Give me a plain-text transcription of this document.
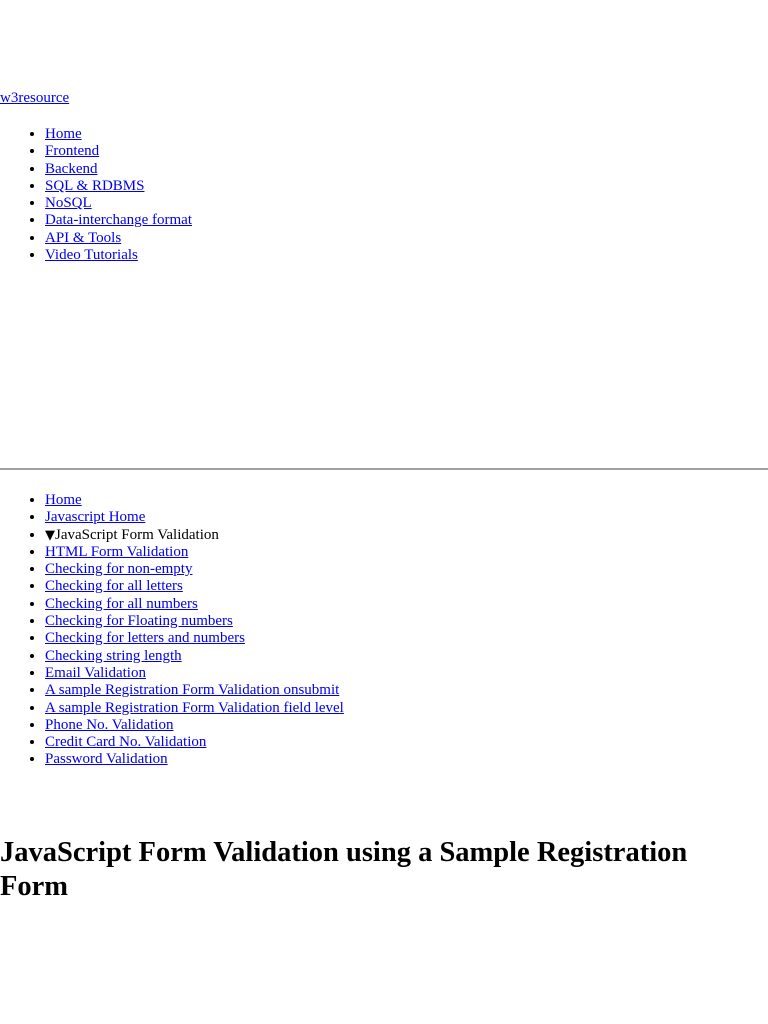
w3resource
• Home
• Frontend
• Backend
• SQL & RDBMS
• NoSQL
• Data-interchange format
• API & Tools
• Video Tutorials
• Home
• Javascript Home
• ▼JavaScript Form Validation
• HTML Form Validation
• Checking for non-empty
• Checking for all letters
• Checking for all numbers
• Checking for Floating numbers
• Checking for letters and numbers
• Checking string length
• Email Validation
• A sample Registration Form Validation onsubmit
• A sample Registration Form Validation field level
• Phone No. Validation
• Credit Card No. Validation
• Password Validation
JavaScript Form Validation using a Sample Registration Form
